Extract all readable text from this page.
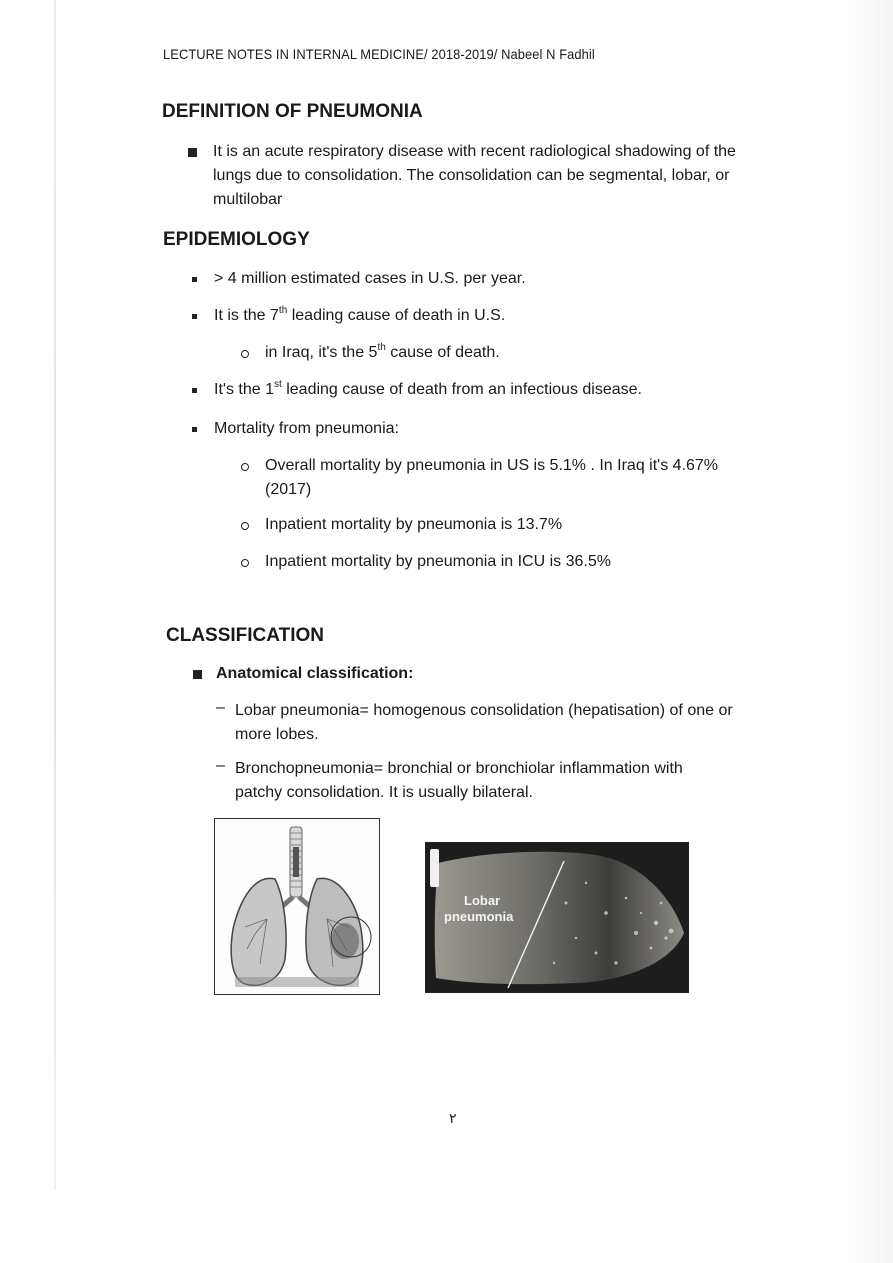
LECTURE NOTES IN INTERNAL MEDICINE/ 2018-2019/ Nabeel N Fadhil
DEFINITION OF PNEUMONIA
It is an acute respiratory disease with recent radiological shadowing of the lungs due to consolidation. The consolidation can be segmental, lobar, or multilobar
EPIDEMIOLOGY
> 4 million estimated cases in U.S. per year.
It is the 7th leading cause of death in U.S.
in Iraq, it's the 5th cause of death.
It's the 1st leading cause of death from an infectious disease.
Mortality from pneumonia:
Overall mortality by pneumonia in US is 5.1% . In Iraq it's 4.67% (2017)
Inpatient mortality by pneumonia is 13.7%
Inpatient mortality by pneumonia in ICU is 36.5%
CLASSIFICATION
Anatomical classification:
– Lobar pneumonia= homogenous consolidation (hepatisation) of one or more lobes.
– Bronchopneumonia= bronchial or bronchiolar inflammation with patchy consolidation. It is usually bilateral.
Lobar
pneumonia
٢
